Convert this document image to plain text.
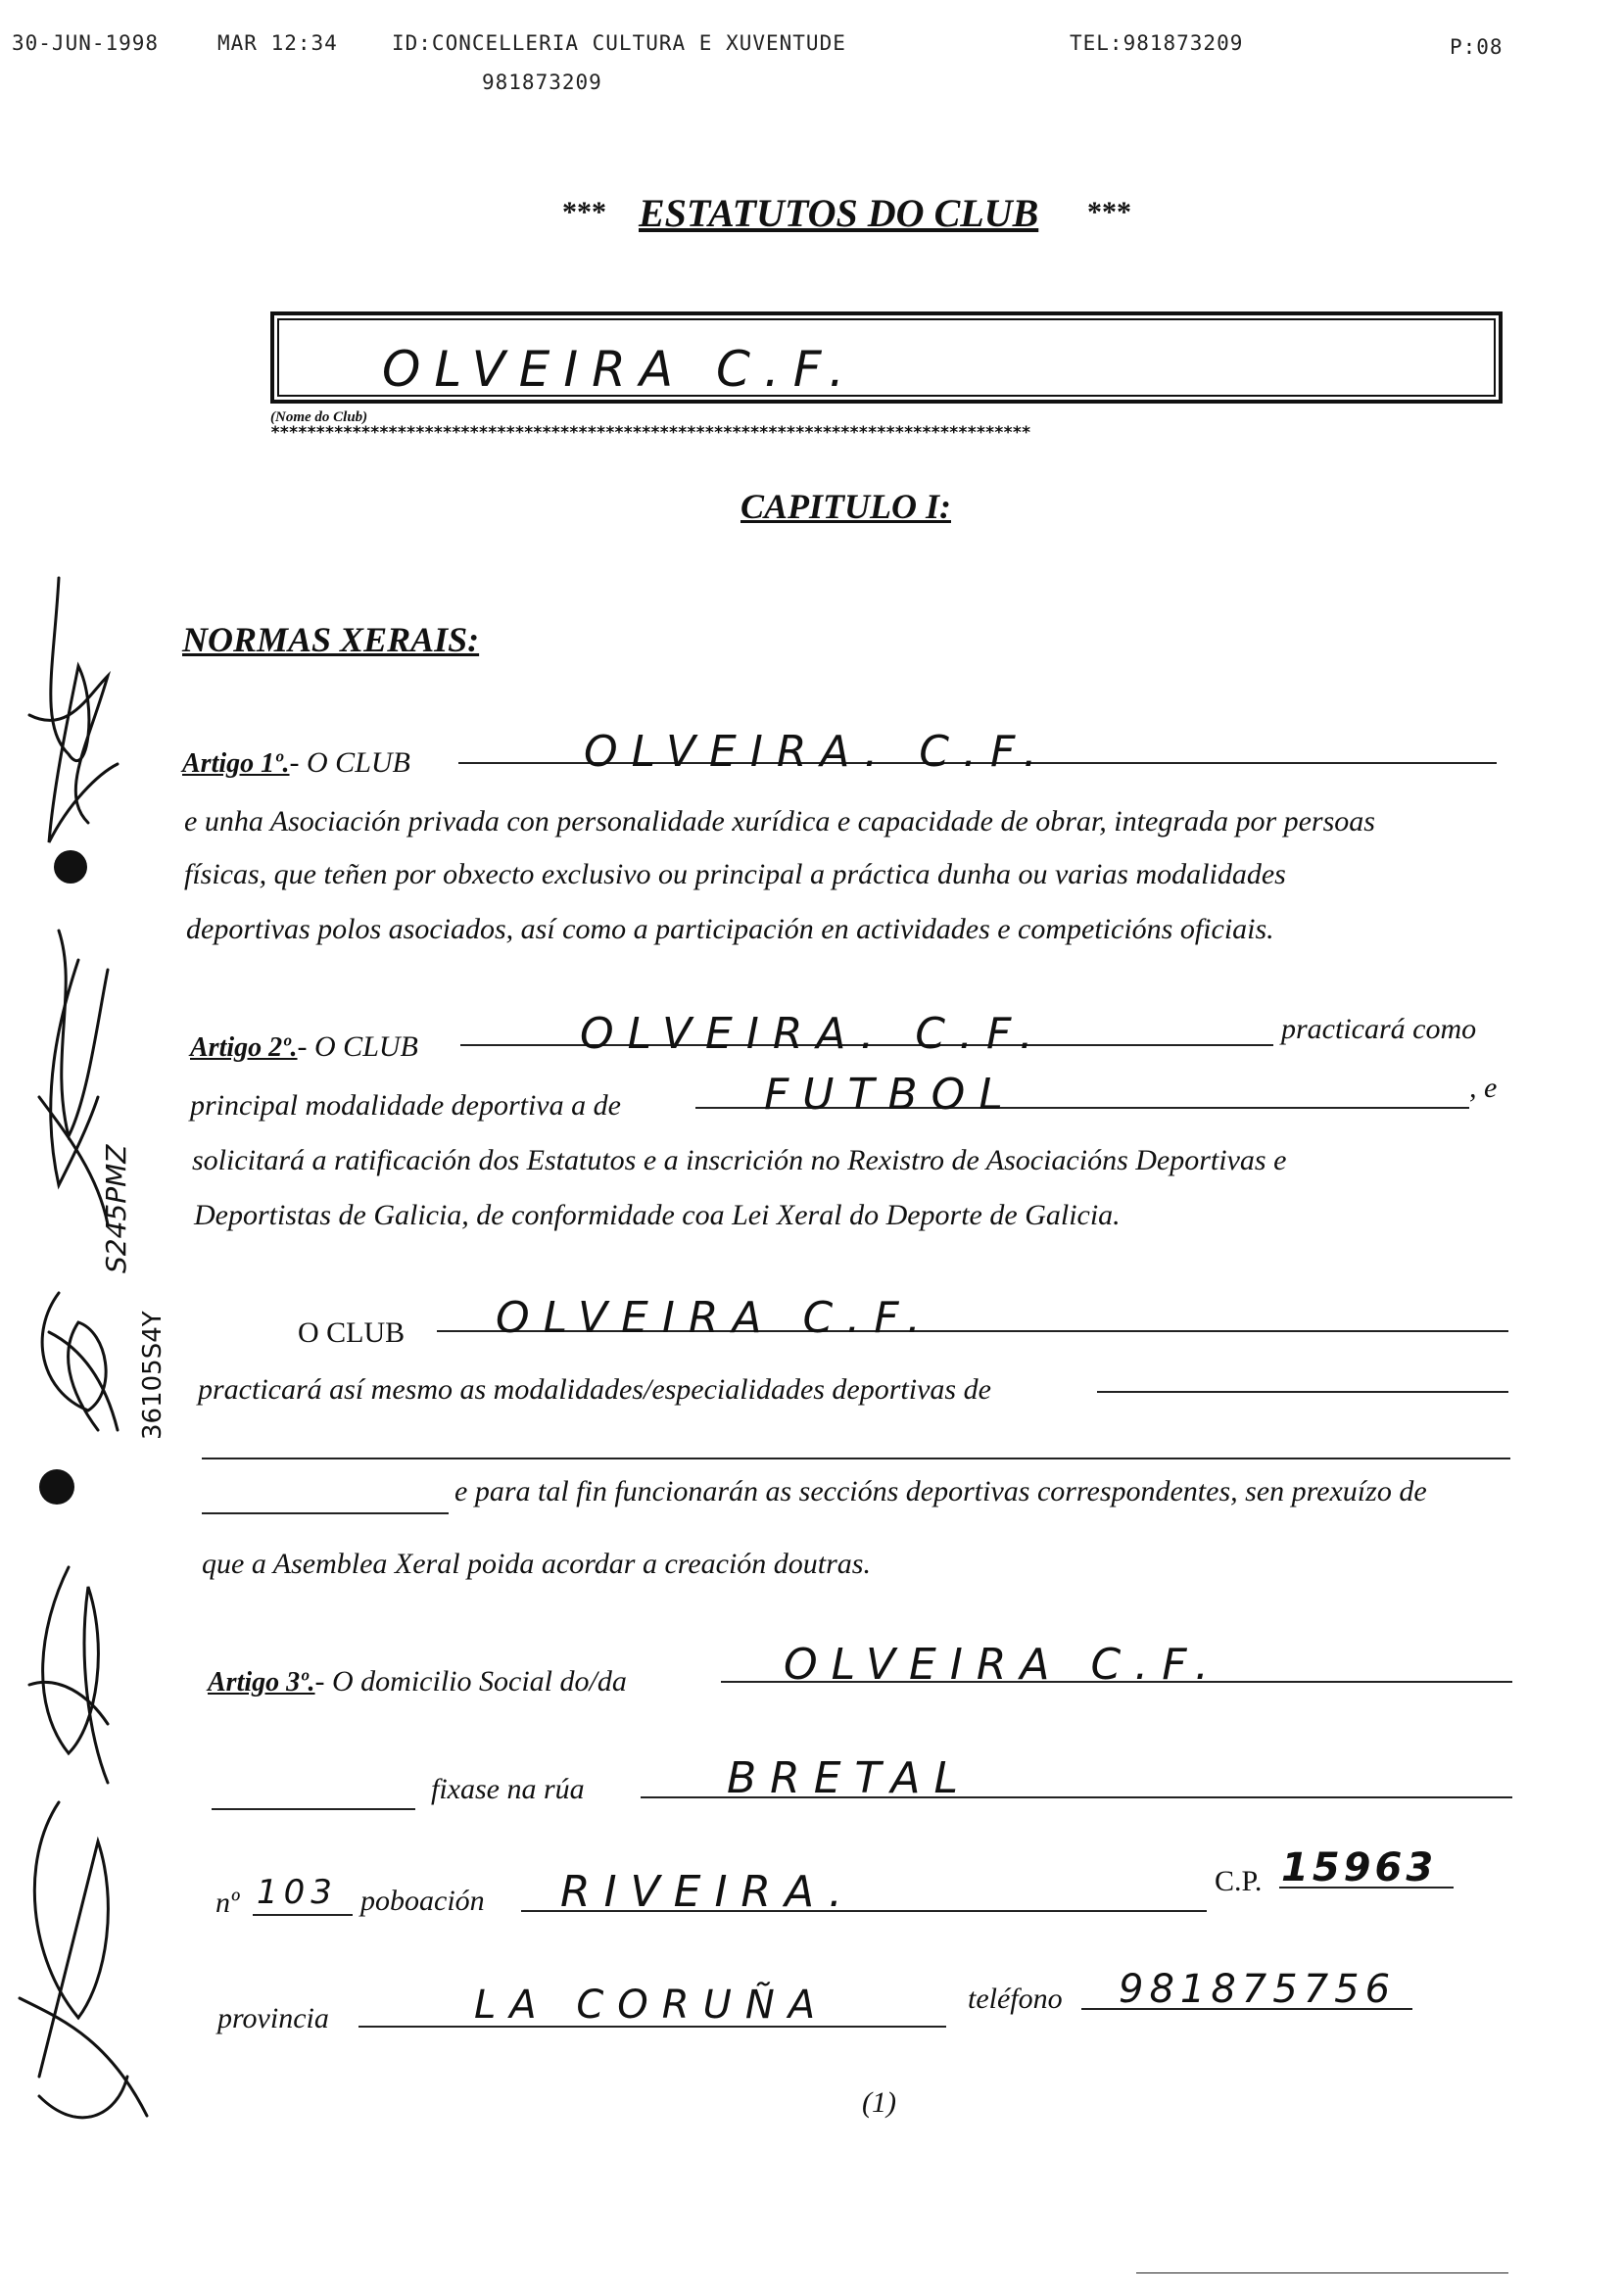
30-JUN-1998	MAR 12:34	ID:CONCELLERIA CULTURA E XUVENTUDE	TEL:981873209	P:08
981873209
*** ESTATUTOS DO CLUB ***
OLVEIRA C.F.
(Nome do Club)
************************************************************************************
CAPITULO I:
NORMAS XERAIS:
Artigo 1º.- O CLUB	OLVEIRA. C.F.
e unha Asociación privada con personalidade xurídica e capacidade de obrar, integrada por persoas
físicas, que teñen por obxecto exclusivo ou principal a práctica dunha ou varias modalidades
deportivas polos asociados, así como a participación en actividades e competicións oficiais.
Artigo 2º.- O CLUB	OLVEIRA. C.F.	practicará como
principal modalidade deportiva a de	FUTBOL	, e
solicitará a ratificación dos Estatutos e a inscrición no Rexistro de Asociacións Deportivas e
Deportistas de Galicia, de conformidade coa Lei Xeral do Deporte de Galicia.
O CLUB OLVEIRA C.F.
practicará así mesmo as modalidades/especialidades deportivas de
e para tal fin funcionarán as seccións deportivas correspondentes, sen prexuízo de
que a Asemblea Xeral poida acordar a creación doutras.
Artigo 3º.- O domicilio Social do/da	OLVEIRA C.F.
fixase na rúa	BRETAL
nº 103 poboación RIVEIRA.	C.P. 15963
provincia	LA CORUÑA	teléfono 981875756
(1)
S245PMZ
36105S4Y
